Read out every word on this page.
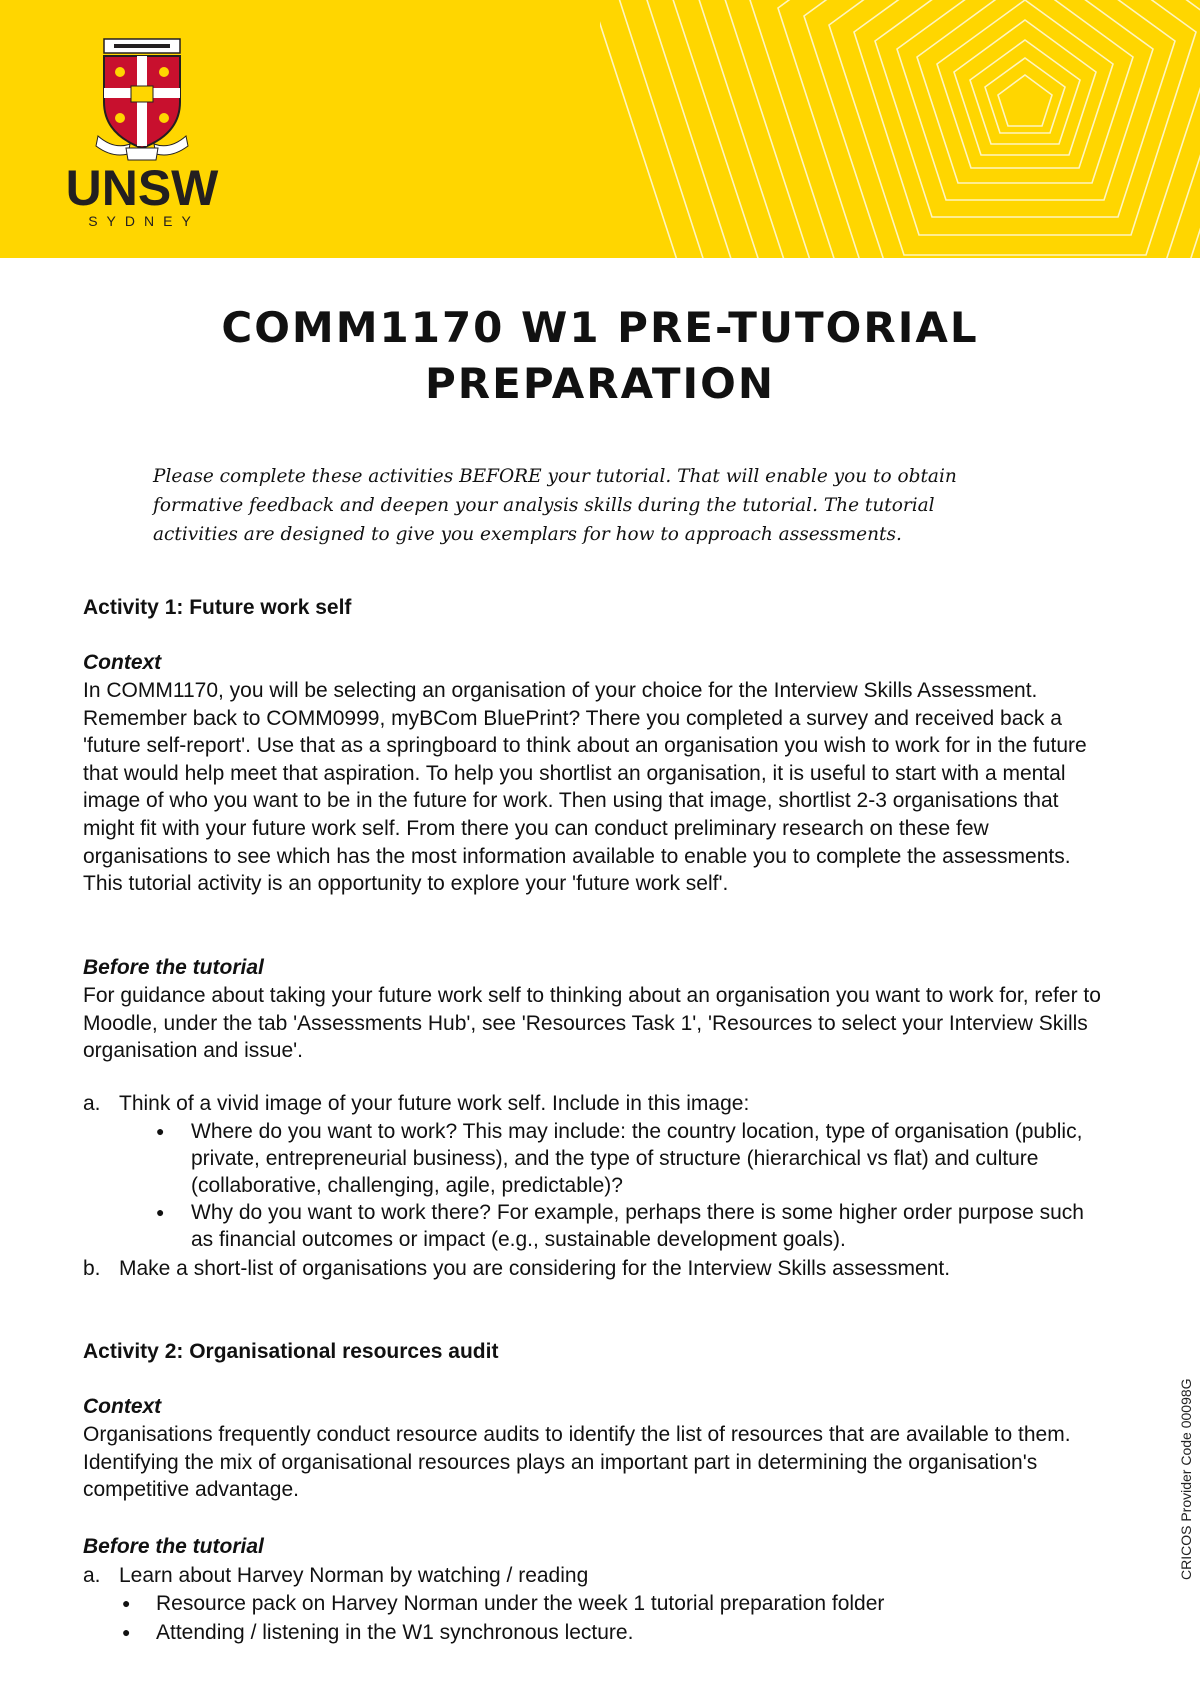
UNSW
SYDNEY
COMM1170 W1 PRE-TUTORIAL
PREPARATION
Please complete these activities BEFORE your tutorial. That will enable you to obtain formative feedback and deepen your analysis skills during the tutorial. The tutorial activities are designed to give you exemplars for how to approach assessments.
Activity 1: Future work self
Context
In COMM1170, you will be selecting an organisation of your choice for the Interview Skills Assessment. Remember back to COMM0999, myBCom BluePrint? There you completed a survey and received back a 'future self-report'. Use that as a springboard to think about an organisation you wish to work for in the future that would help meet that aspiration. To help you shortlist an organisation, it is useful to start with a mental image of who you want to be in the future for work. Then using that image, shortlist 2-3 organisations that might fit with your future work self. From there you can conduct preliminary research on these few organisations to see which has the most information available to enable you to complete the assessments. This tutorial activity is an opportunity to explore your 'future work self'.
Before the tutorial
For guidance about taking your future work self to thinking about an organisation you want to work for, refer to Moodle, under the tab 'Assessments Hub', see 'Resources Task 1', 'Resources to select your Interview Skills organisation and issue'.
a. Think of a vivid image of your future work self. Include in this image:
● Where do you want to work? This may include: the country location, type of organisation (public, private, entrepreneurial business), and the type of structure (hierarchical vs flat) and culture (collaborative, challenging, agile, predictable)?
● Why do you want to work there? For example, perhaps there is some higher order purpose such as financial outcomes or impact (e.g., sustainable development goals).
b. Make a short-list of organisations you are considering for the Interview Skills assessment.
Activity 2: Organisational resources audit
Context
Organisations frequently conduct resource audits to identify the list of resources that are available to them. Identifying the mix of organisational resources plays an important part in determining the organisation's competitive advantage.
Before the tutorial
a. Learn about Harvey Norman by watching / reading
● Resource pack on Harvey Norman under the week 1 tutorial preparation folder
● Attending / listening in the W1 synchronous lecture.
CRICOS Provider Code 00098G
